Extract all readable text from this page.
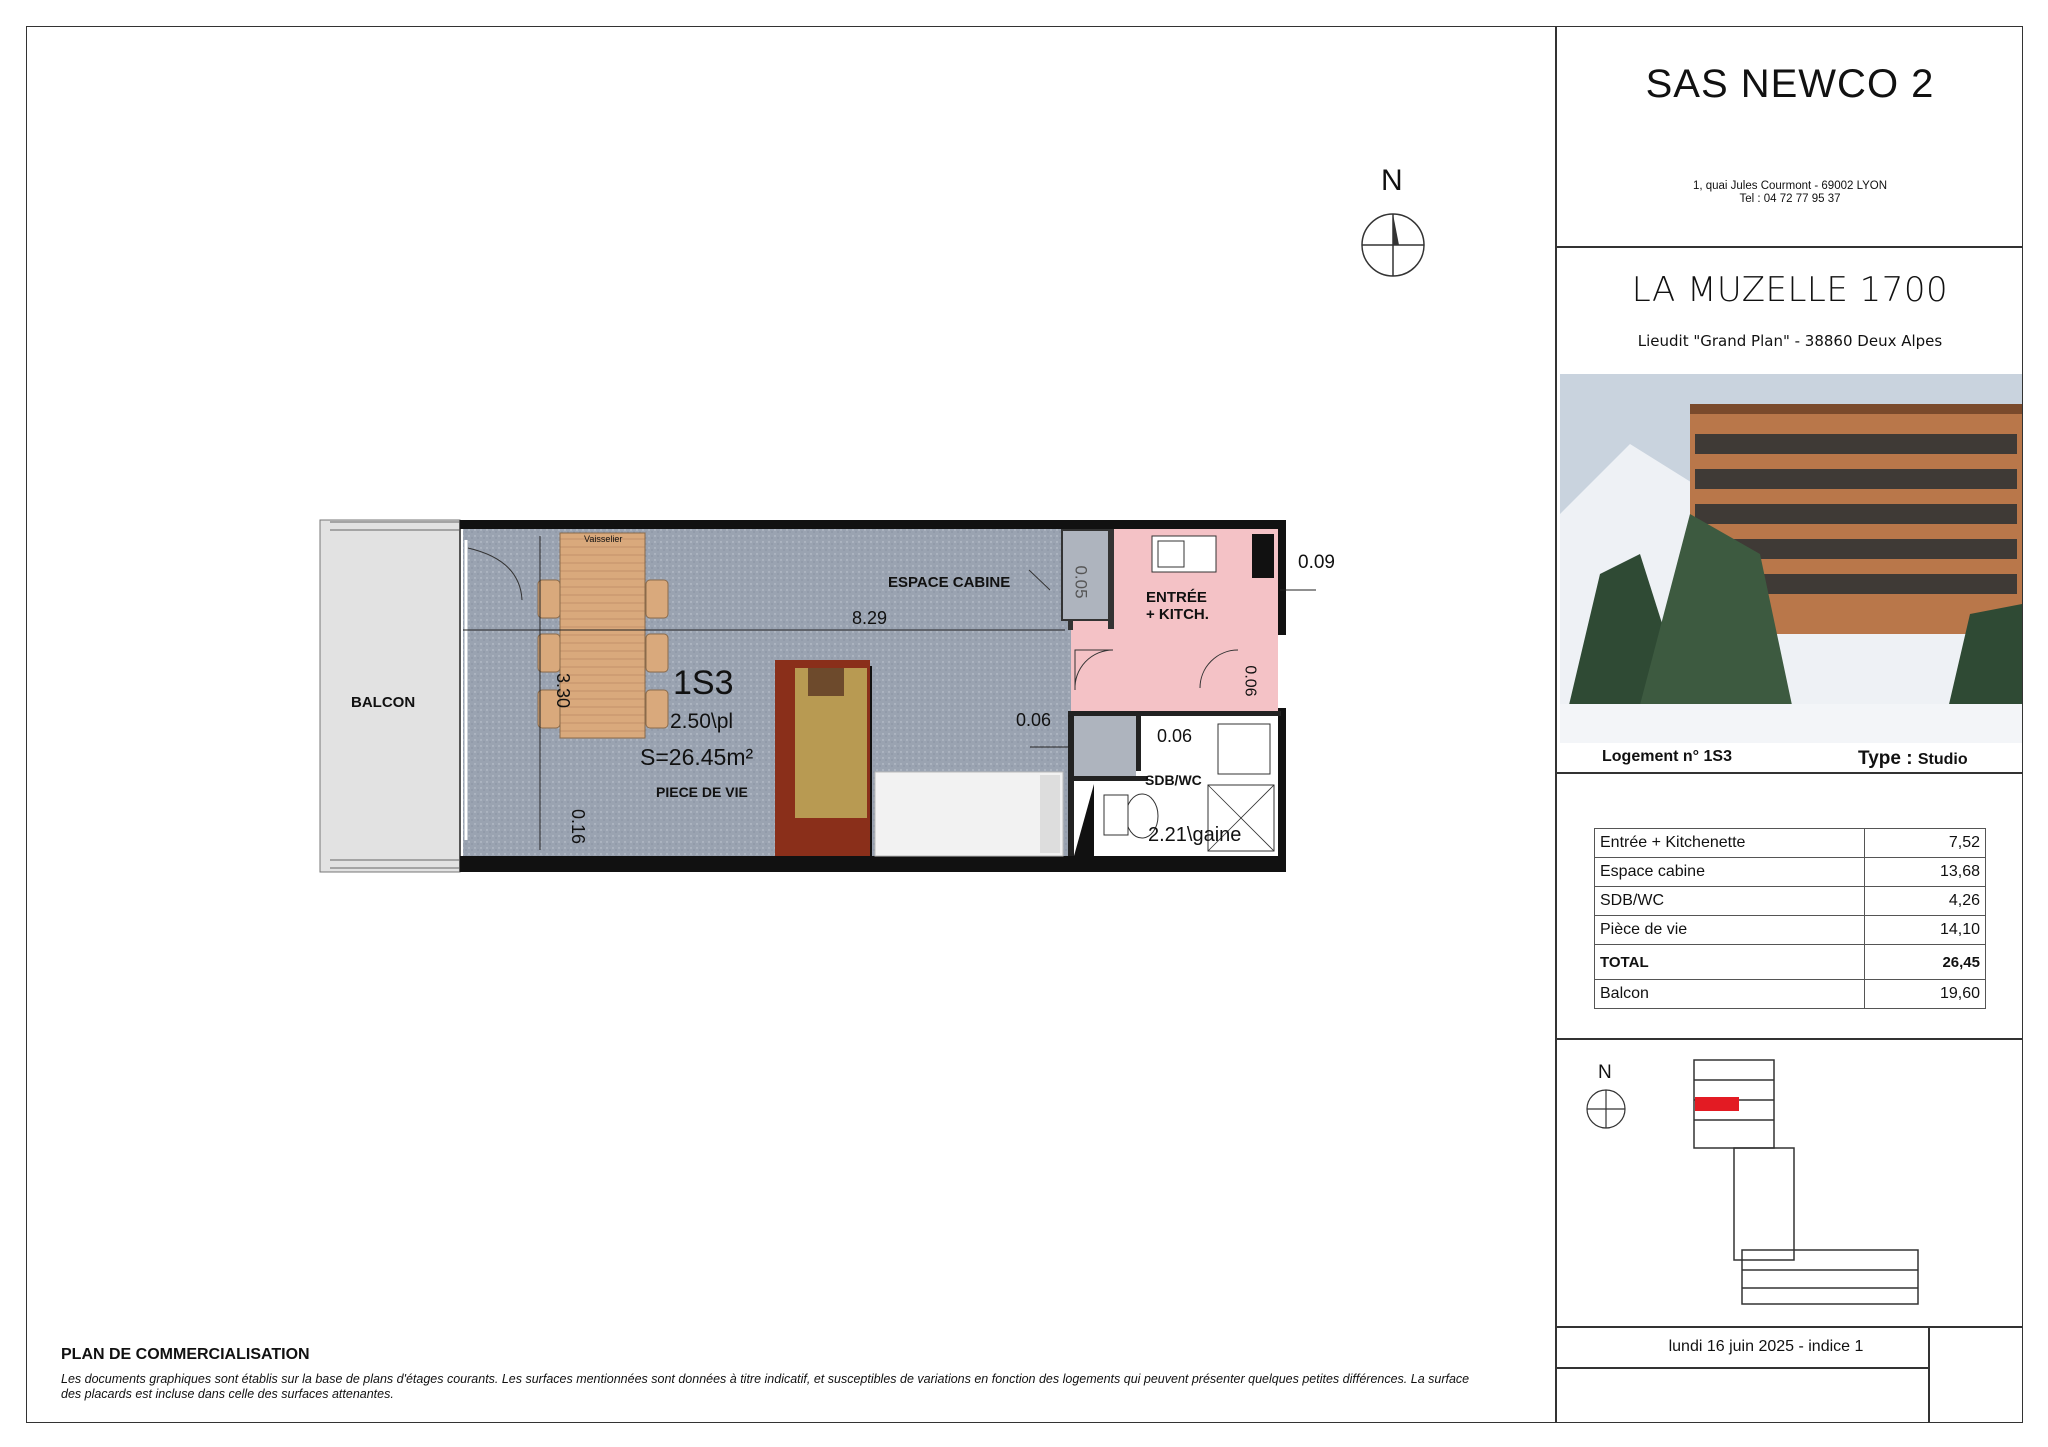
BALCON
ESPACE CABINE
ENTRÉE
+ KITCH.
SDB/WC
PIECE DE VIE
1S3
2.50\pl
S=26.45m²
Vaisselier
2.21\gaine
8.29
3.30
0.16
0.06
0.06
0.09
0.05
0.06
N
N
SAS NEWCO 2
1, quai Jules Courmont - 69002 LYON
Tel : 04 72 77 95 37
LA MUZELLE 1700
Lieudit "Grand Plan" - 38860 Deux Alpes
Logement n° 1S3	Type : Studio
Entrée + Kitchenette	7,52
Espace cabine	13,68
SDB/WC	4,26
Pièce de vie	14,10
TOTAL	26,45
Balcon	19,60
lundi 16 juin 2025 - indice 1
PLAN DE COMMERCIALISATION
Les documents graphiques sont établis sur la base de plans d'étages courants. Les surfaces mentionnées sont données à titre indicatif, et susceptibles de variations en fonction des logements qui peuvent présenter quelques petites différences. La surface des placards est incluse dans celle des surfaces attenantes.
